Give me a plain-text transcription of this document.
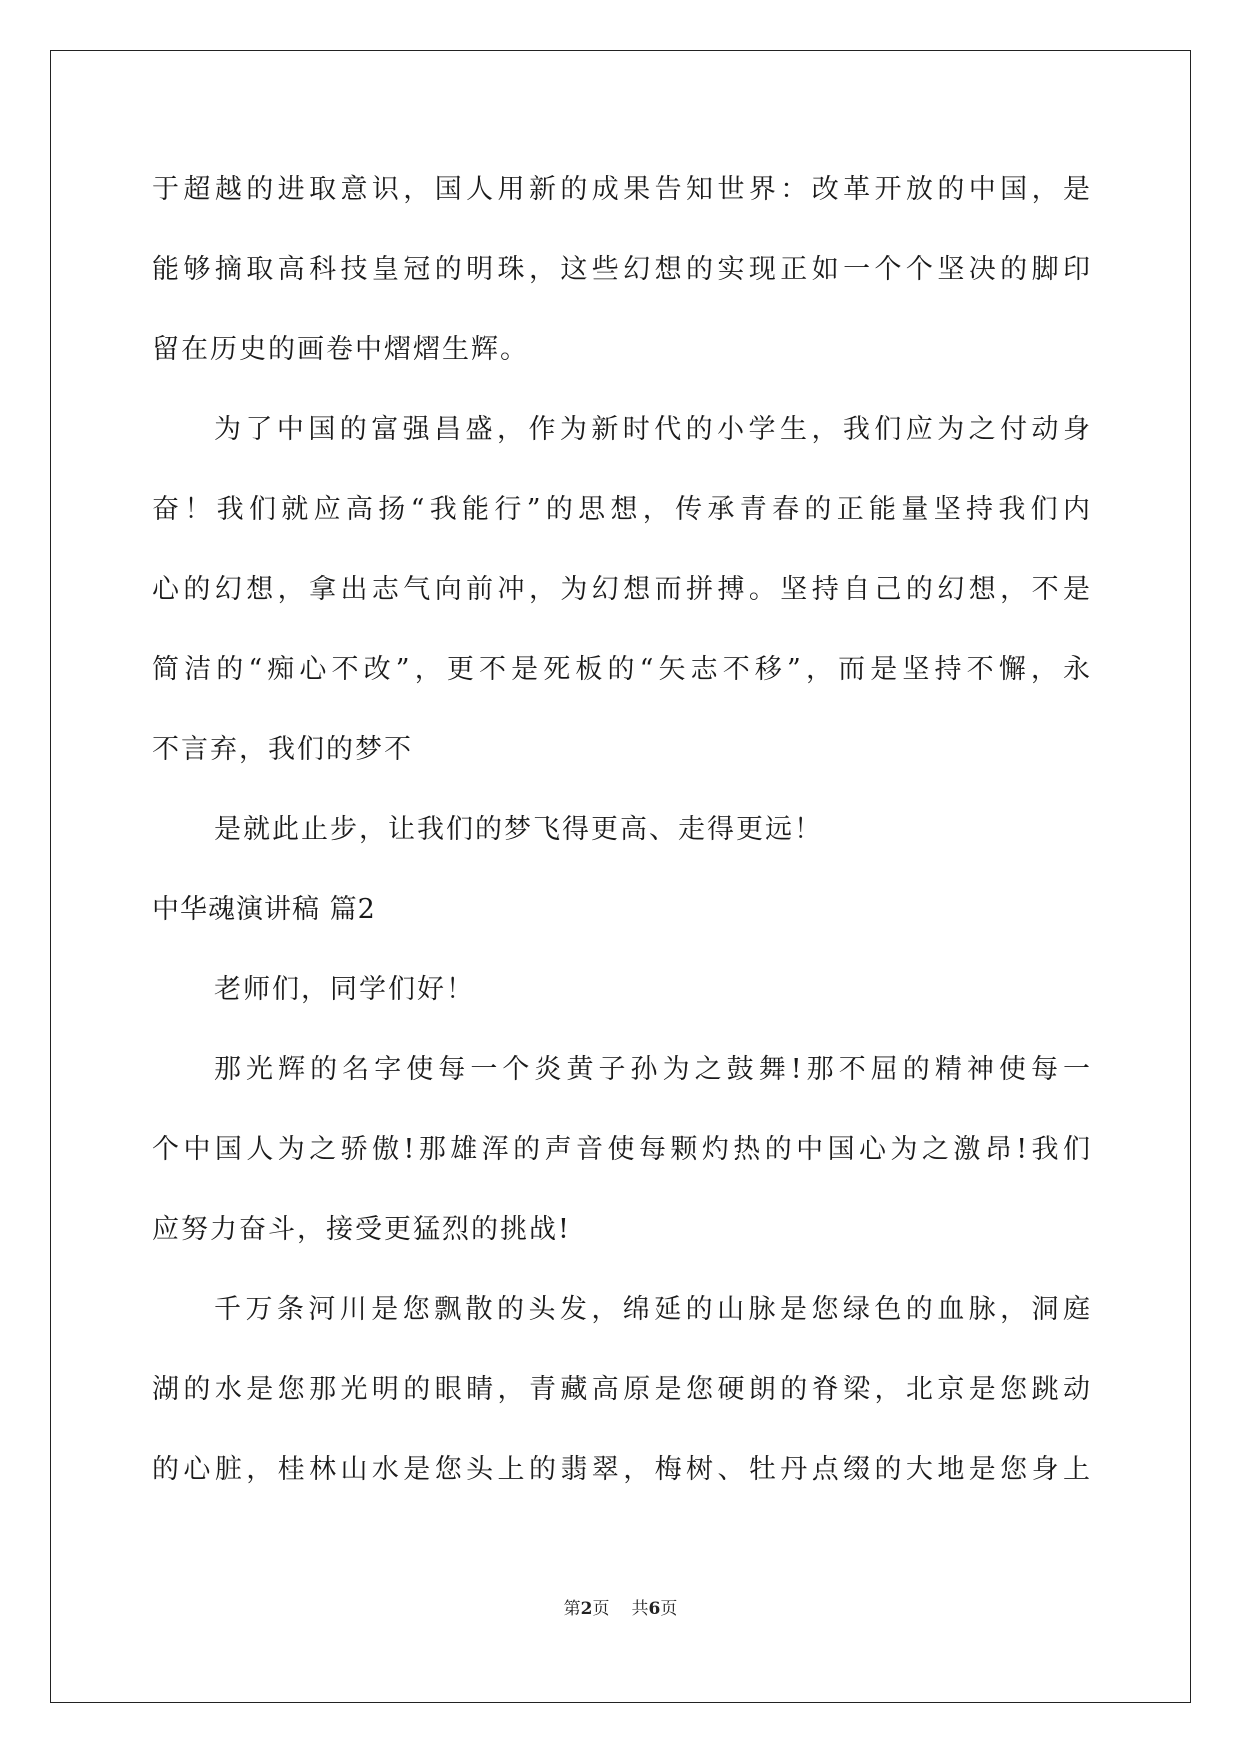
于超越的进取意识，国人用新的成果告知世界：改革开放的中国，是
能够摘取高科技皇冠的明珠，这些幻想的实现正如一个个坚决的脚印
留在历史的画卷中熠熠生辉。
为了中国的富强昌盛，作为新时代的小学生，我们应为之付动身
奋！我们就应高扬“我能行”的思想，传承青春的正能量坚持我们内
心的幻想，拿出志气向前冲，为幻想而拼搏。坚持自己的幻想，不是
简洁的“痴心不改”，更不是死板的“矢志不移”，而是坚持不懈，永
不言弃，我们的梦不
是就此止步，让我们的梦飞得更高、走得更远！
中华魂演讲稿 篇2
老师们，同学们好！
那光辉的名字使每一个炎黄子孙为之鼓舞!那不屈的精神使每一
个中国人为之骄傲!那雄浑的声音使每颗灼热的中国心为之激昂!我们
应努力奋斗，接受更猛烈的挑战!
千万条河川是您飘散的头发，绵延的山脉是您绿色的血脉，洞庭
湖的水是您那光明的眼睛，青藏高原是您硬朗的脊梁，北京是您跳动
的心脏，桂林山水是您头上的翡翠，梅树、牡丹点缀的大地是您身上
第2页 共6页
